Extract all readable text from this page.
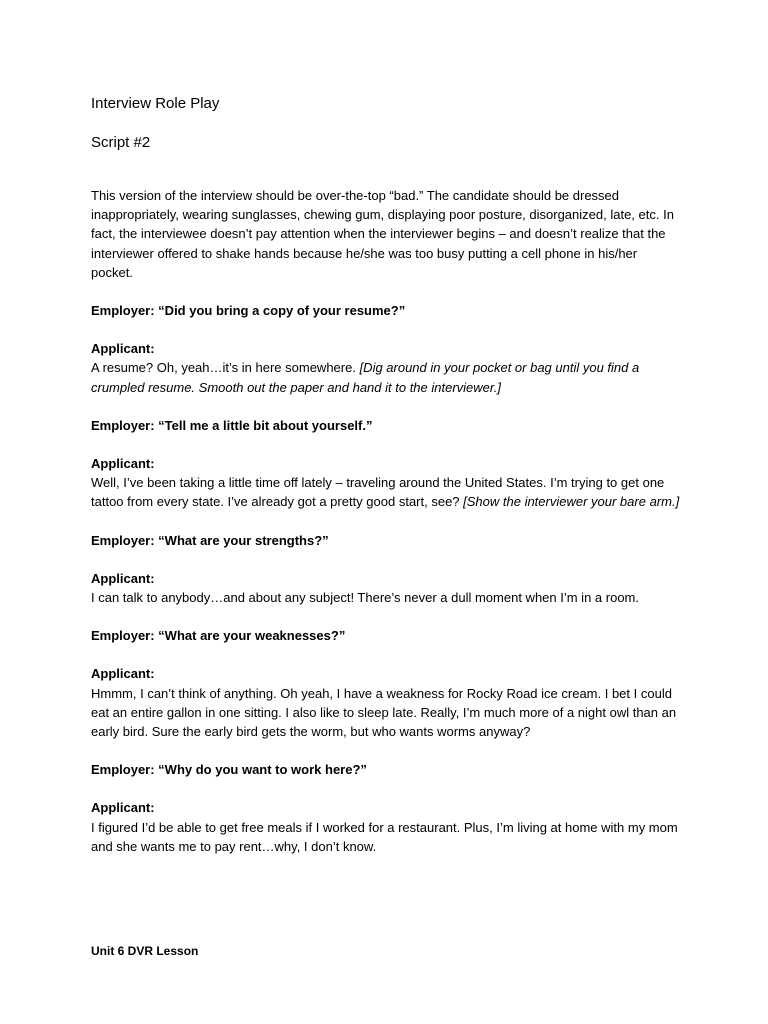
Interview Role Play
Script #2

This version of the interview should be over-the-top “bad.” The candidate should be dressed inappropriately, wearing sunglasses, chewing gum, displaying poor posture, disorganized, late, etc. In fact, the interviewee doesn’t pay attention when the interviewer begins – and doesn’t realize that the interviewer offered to shake hands because he/she was too busy putting a cell phone in his/her pocket.

Employer: “Did you bring a copy of your resume?”

Applicant:

A resume? Oh, yeah…it’s in here somewhere. [Dig around in your pocket or bag until you find a crumpled resume. Smooth out the paper and hand it to the interviewer.]

Employer: “Tell me a little bit about yourself.”

Applicant:

Well, I’ve been taking a little time off lately – traveling around the United States. I’m trying to get one tattoo from every state. I’ve already got a pretty good start, see? [Show the interviewer your bare arm.]

Employer: “What are your strengths?”

Applicant:

I can talk to anybody…and about any subject! There’s never a dull moment when I’m in a room.

Employer: “What are your weaknesses?”

Applicant:

Hmmm, I can’t think of anything. Oh yeah, I have a weakness for Rocky Road ice cream. I bet I could eat an entire gallon in one sitting. I also like to sleep late. Really, I’m much more of a night owl than an early bird. Sure the early bird gets the worm, but who wants worms anyway?

Employer: “Why do you want to work here?”

Applicant:

I figured I’d be able to get free meals if I worked for a restaurant. Plus, I’m living at home with my mom and she wants me to pay rent…why, I don’t know.

Unit 6 DVR Lesson
